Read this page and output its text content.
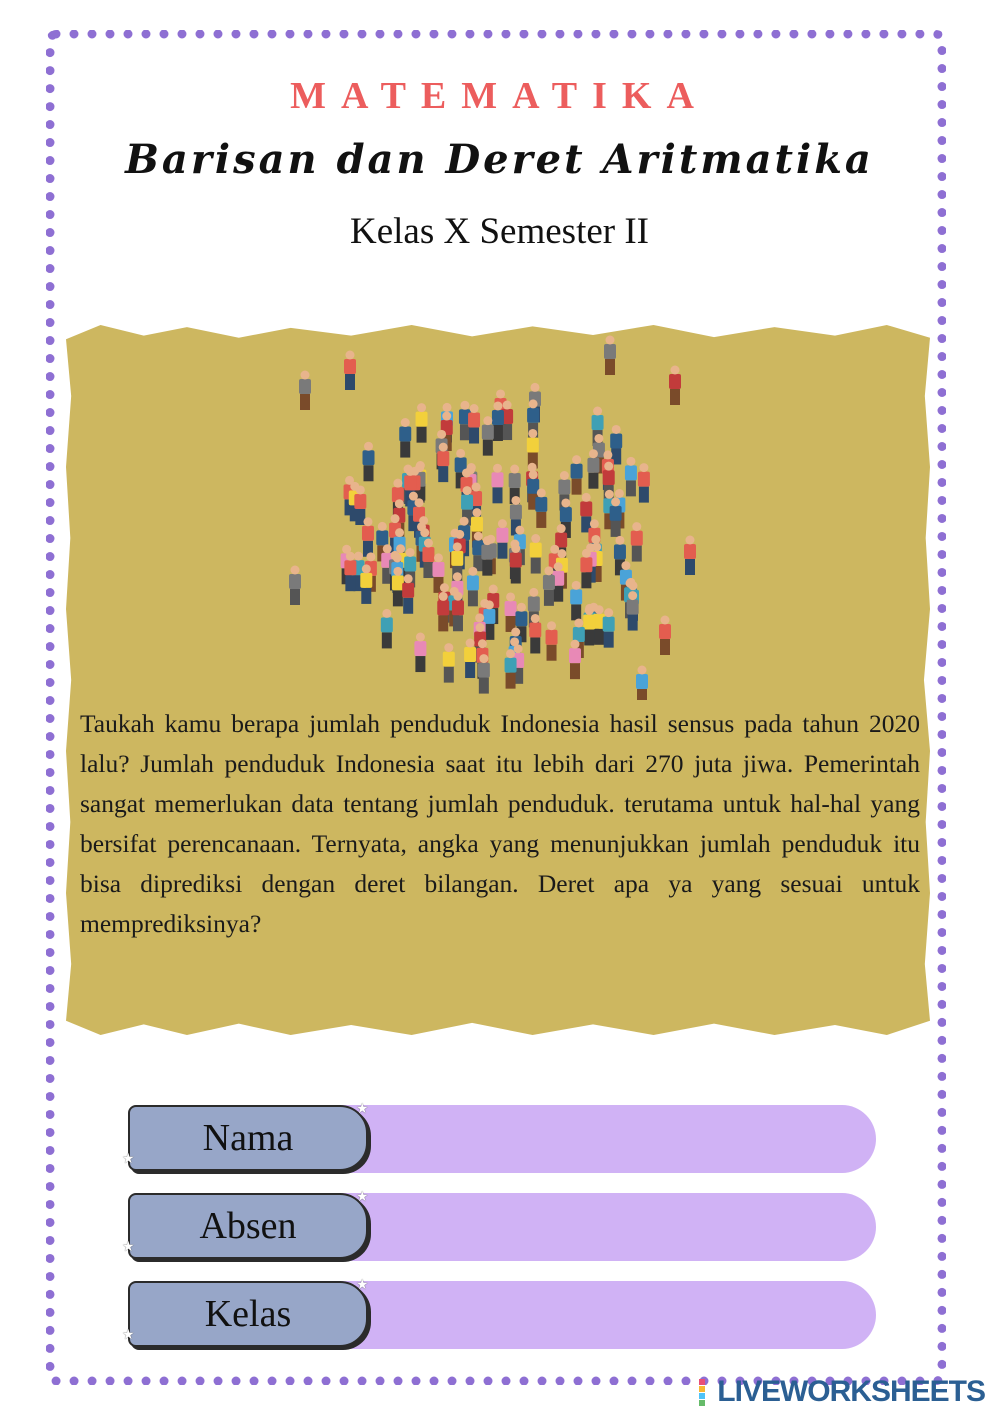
MATEMATIKA
Barisan dan Deret Aritmatika
Kelas X Semester II
Taukah kamu berapa jumlah penduduk Indonesia hasil sensus pada tahun 2020 lalu? Jumlah penduduk Indonesia saat itu lebih dari 270 juta jiwa. Pemerintah sangat memerlukan data tentang jumlah penduduk. terutama untuk hal-hal yang bersifat perencanaan. Ternyata, angka yang menunjukkan jumlah penduduk itu bisa diprediksi dengan deret bilangan. Deret apa ya yang sesuai untuk memprediksinya?
Nama
★
★
Absen
★
★
Kelas
★
★
LIVEWORKSHEETS
